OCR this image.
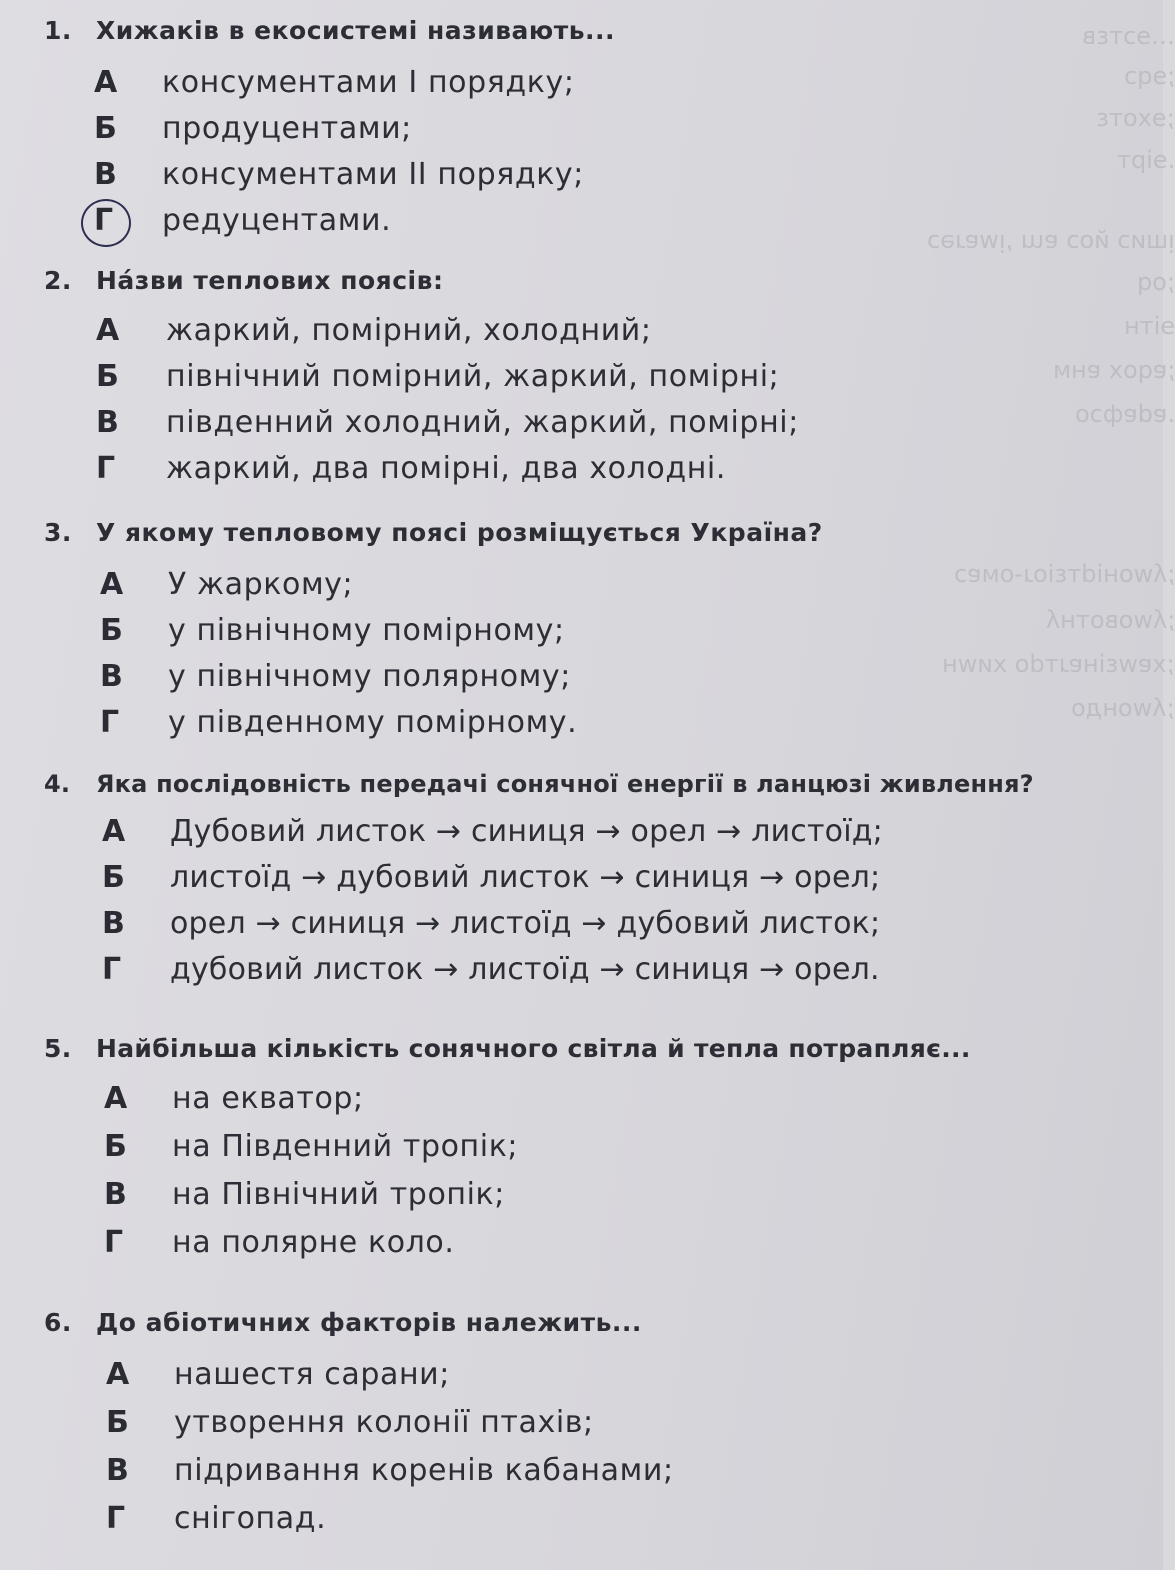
…ɘɔтɛв
;ɘqɔ
;ɘхотɛ
.ɘірт
ᴉшиɔ йоɔ ɐɯ ,ᴉwɐɹǝɔ
;oq
ɘітн
;ɐqох ɐнм
.ɐdɐфɔо
;ʎwоніdтɛіоɹ-омɐɔ
;ʎwовотнʎ
;хɐwɛінɐɹтdо хиwн
;ʎwондо
1. Хижаків в екосистемі називають...
А	консументами I порядку;
Б	продуцентами;
В	консументами II порядку;
Г	редуцентами.
2. Нáзви теплових поясів:
А	жаркий, помірний, холодний;
Б	північний помірний, жаркий, помірні;
В	південний холодний, жаркий, помірні;
Г	жаркий, два помірні, два холодні.
3. У якому тепловому поясі розміщується Україна?
А	У жаркому;
Б	у північному помірному;
В	у північному полярному;
Г	у південному помірному.
4. Яка послідовність передачі сонячної енергії в ланцюзі живлення?
А	Дубовий листок → синиця → орел → листоїд;
Б	листоїд → дубовий листок → синиця → орел;
В	орел → синиця → листоїд → дубовий листок;
Г	дубовий листок → листоїд → синиця → орел.
5. Найбільша кількість сонячного світла й тепла потрапляє...
А	на екватор;
Б	на Південний тропік;
В	на Північний тропік;
Г	на полярне коло.
6. До абіотичних факторів належить...
А	нашестя сарани;
Б	утворення колонії птахів;
В	підривання коренів кабанами;
Г	снігопад.
